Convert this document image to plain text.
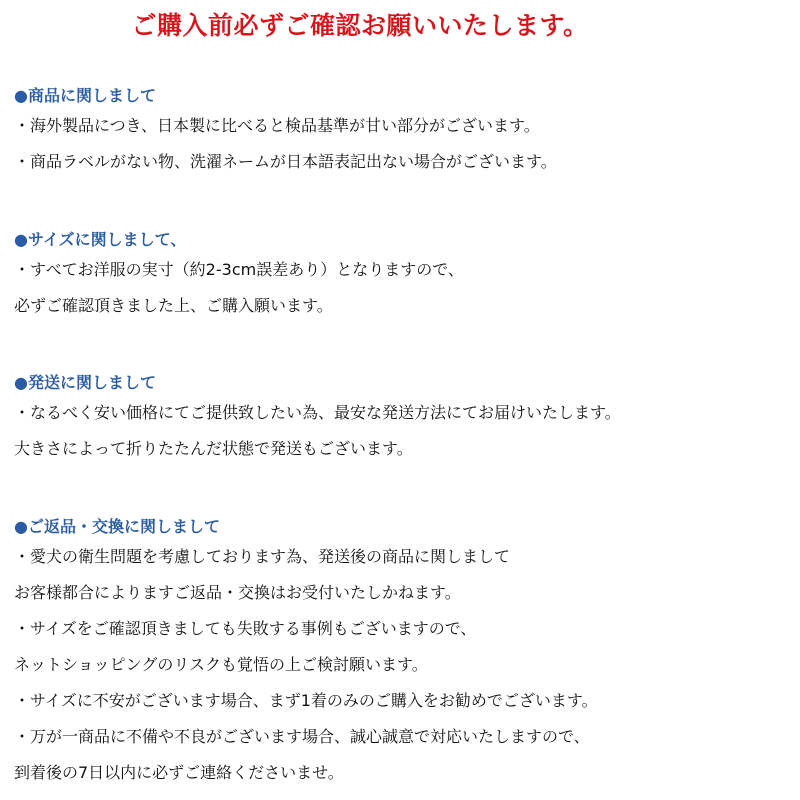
ご購入前必ずご確認お願いいたします。
●商品に関しまして
・海外製品につき、日本製に比べると検品基準が甘い部分がございます。
・商品ラベルがない物、洗濯ネームが日本語表記出ない場合がございます。
●サイズに関しまして、
・すべてお洋服の実寸（約2-3cm誤差あり）となりますので、
必ずご確認頂きました上、ご購入願います。
●発送に関しまして
・なるべく安い価格にてご提供致したい為、最安な発送方法にてお届けいたします。
大きさによって折りたたんだ状態で発送もございます。
●ご返品・交換に関しまして
・愛犬の衛生問題を考慮しております為、発送後の商品に関しまして
お客様都合によりますご返品・交換はお受付いたしかねます。
・サイズをご確認頂きましても失敗する事例もございますので、
ネットショッピングのリスクも覚悟の上ご検討願います。
・サイズに不安がございます場合、まず1着のみのご購入をお勧めでございます。
・万が一商品に不備や不良がございます場合、誠心誠意で対応いたしますので、
到着後の7日以内に必ずご連絡くださいませ。
